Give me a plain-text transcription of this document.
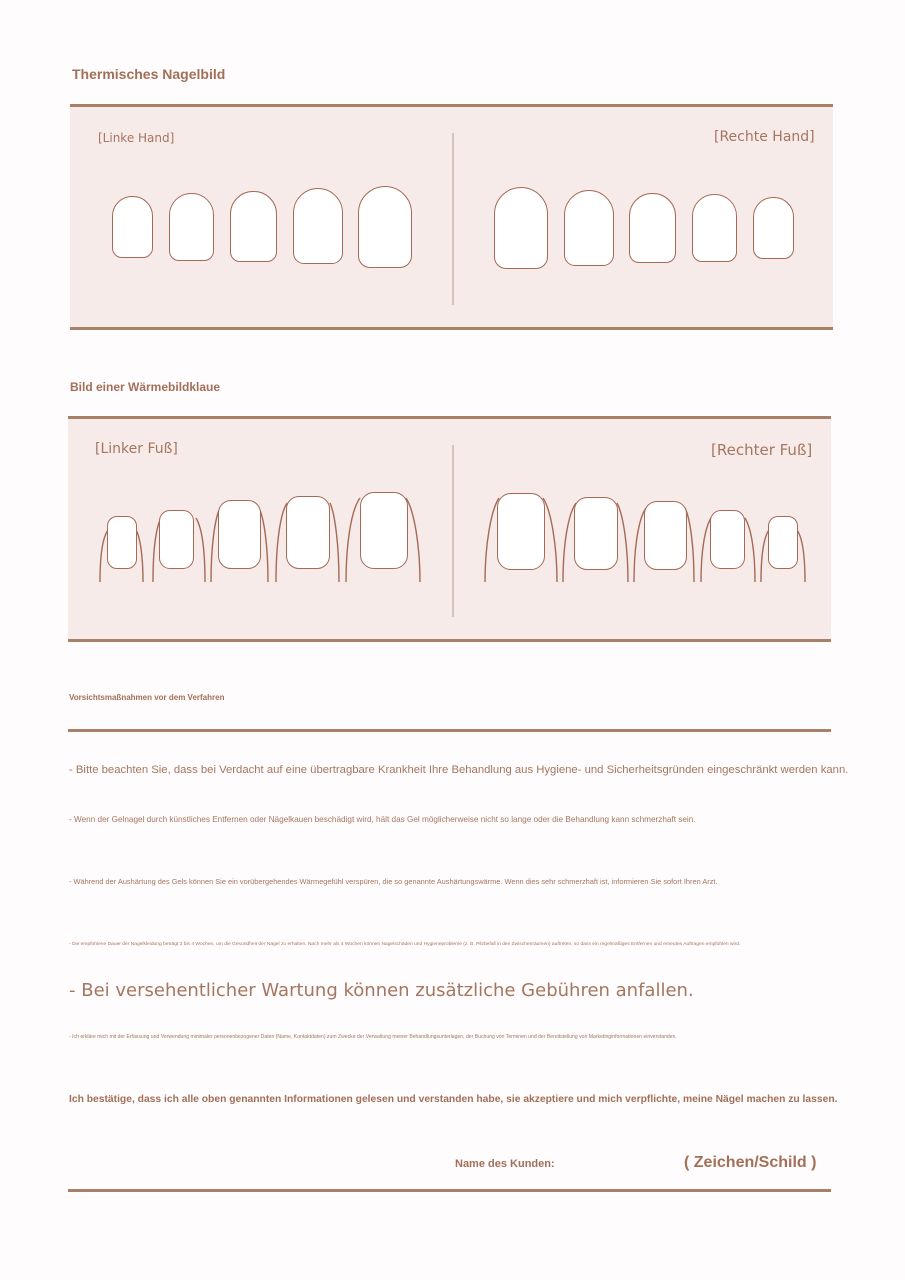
Thermisches Nagelbild
[Linke Hand]	[Rechte Hand]
Bild einer Wärmebildklaue
[Linker Fuß]	[Rechter Fuß]
Vorsichtsmaßnahmen vor dem Verfahren
- Bitte beachten Sie, dass bei Verdacht auf eine übertragbare Krankheit Ihre Behandlung aus Hygiene- und Sicherheitsgründen eingeschränkt werden kann.
- Wenn der Gelnagel durch künstliches Entfernen oder Nägelkauen beschädigt wird, hält das Gel möglicherweise nicht so lange oder die Behandlung kann schmerzhaft sein.
- Während der Aushärtung des Gels können Sie ein vorübergehendes Wärmegefühl verspüren, die so genannte Aushärtungswärme. Wenn dies sehr schmerzhaft ist, informieren Sie sofort Ihren Arzt.
- Die empfohlene Dauer der Nagelkleidung beträgt 3 bis 4 Wochen, um die Gesundheit der Nägel zu erhalten. Nach mehr als 4 Wochen können Nagelschäden und Hygieneprobleme (z. B. Pilzbefall in den Zwischenräumen) auftreten, so dass ein regelmäßiges Entfernen und erneutes Auftragen empfohlen wird.
- Bei versehentlicher Wartung können zusätzliche Gebühren anfallen.
- Ich erkläre mich mit der Erfassung und Verwendung minimaler personenbezogener Daten (Name, Kontaktdaten) zum Zwecke der Verwaltung meiner Behandlungsunterlagen, der Buchung von Terminen und der Bereitstellung von Marketinginformationen einverstanden.
Ich bestätige, dass ich alle oben genannten Informationen gelesen und verstanden habe, sie akzeptiere und mich verpflichte, meine Nägel machen zu lassen.
Name des Kunden:	( Zeichen/Schild )
